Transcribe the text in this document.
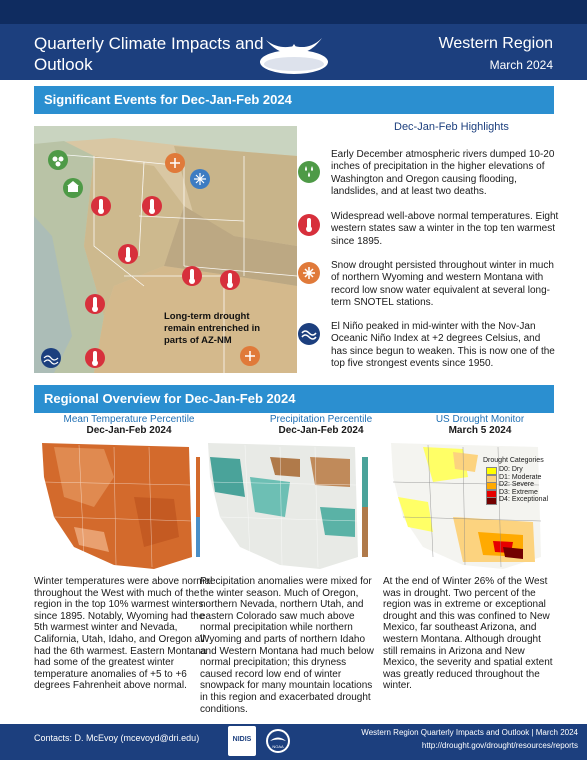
Quarterly Climate Impacts and Outlook
Western Region
March 2024
Significant Events for Dec-Jan-Feb 2024
Long-term drought remain entrenched in parts of AZ-NM
Dec-Jan-Feb Highlights
Early December atmospheric rivers dumped 10-20 inches of precipitation in the higher elevations of Washington and Oregon causing flooding, landslides, and at least two deaths.
Widespread well-above normal temperatures. Eight western states saw a winter in the top ten warmest since 1895.
Snow drought persisted throughout winter in much of northern Wyoming and western Montana with record low snow water equivalent at several long-term SNOTEL stations.
El Niño peaked in mid-winter with the Nov-Jan Oceanic Niño Index at +2 degrees Celsius, and has since begun to weaken. This is now one of the top five strongest events since 1950.
Regional Overview for Dec-Jan-Feb 2024
Mean Temperature Percentile
Dec-Jan-Feb 2024
Winter temperatures were above normal throughout the West with much of the region in the top 10% warmest winters since 1895. Notably, Wyoming had the 5th warmest winter and Nevada, California, Utah, Idaho, and Oregon all had the 6th warmest. Eastern Montana had some of the greatest winter temperature anomalies of +5 to +6 degrees Fahrenheit above normal.
Precipitation Percentile
Dec-Jan-Feb 2024
Precipitation anomalies were mixed for the winter season. Much of Oregon, northern Nevada, northern Utah, and eastern Colorado saw much above normal precipitation while northern Wyoming and parts of northern Idaho and Western Montana had much below normal precipitation; this dryness caused record low end of winter snowpack for many mountain locations in this region and exacerbated drought conditions.
US Drought Monitor
March 5 2024
Drought Categories
D0: Dry
D1: Moderate
D2: Severe
D3: Extreme
D4: Exceptional
At the end of Winter 26% of the West was in drought. Two percent of the region was in extreme or exceptional drought and this was confined to New Mexico, far southeast Arizona, and western Montana. Although drought still remains in Arizona and New Mexico, the severity and spatial extent was greatly reduced throughout the winter.
Contacts: D. McEvoy (mcevoyd@dri.edu)	NIDIS
NOAA
Western Region Quarterly Impacts and Outlook | March 2024
http://drought.gov/drought/resources/reports
